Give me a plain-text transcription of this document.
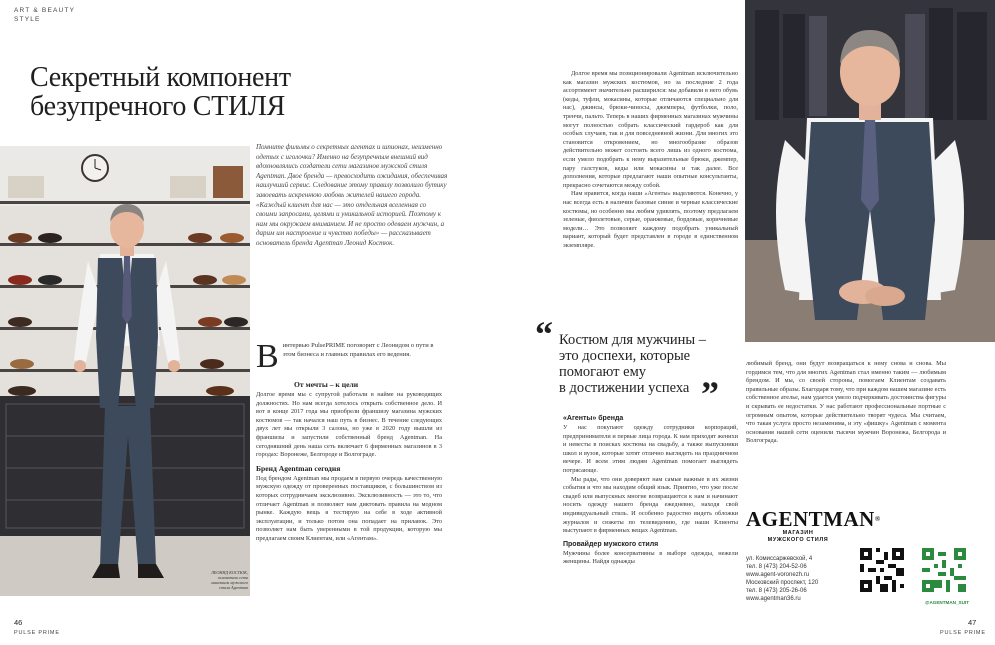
ART & BEAUTY
STYLE
Секретный компонент
безупречного СТИЛЯ
ЛЕОНИД КОСТЮК,
основатель сети
магазинов мужского
стиля Agentman
Помните фильмы о секретных агентах и шпионах, неизменно одетых с иголочки? Именно на безупречным внешний вид вдохновлялись создатели сети магазинов мужской стиля Agentman. Двое бренда — превосходить ожидания, обеспечивая наилучший сервис. Следование этому правилу позволило бутику завоевать искреннюю любовь жителей нашего города. «Каждый клиент для нас — это отдельная вселенная со своими запросами, целями и уникальной историей. Поэтому к нам мы окружаем вниманием. И не просто одеваем мужчин, а дарим им настроение и чувство победы» — рассказывает основатель бренда Agentman Леонид Костюк.
В интервью PulsePRIME поговорит с Леонидом о пути в этом бизнеса и главных правилах его ведения.
От мечты – к цели

Долгое время мы с супругой работали в найме на руководящих должностях. Но нам всегда хотелось открыть собственное дело. И вот в конце 2017 года мы приобрели франшизу магазина мужских костюмов — так начался наш путь в бизнес. В течение следующих двух лет мы открыли 3 салона, но уже в 2020 году вышли из франшизы и запустили собственный бренд Agentman. На сегодняшний день наша сеть включает 6 фирменных магазинов в 3 городах: Воронеже, Белгороде и Волгограде.

Бренд Agentman сегодня

Под брендом Agentman мы продаем в первую очередь качественную мужскую одежду от проверенных поставщиков, с большинством из которых сотрудничаем эксклюзивно. Эксклюзивность — это то, что отличает Agentman и позволяет нам диктовать правила на модном рынке. Каждую вещь я тестирую на себе в ходе активной эксплуатации, и только потом она попадает на прилавок. Это позволяет нам быть уверенными в той продукции, которую мы предлагаем своим Клиентам, или «Агентам».

Долгое время мы позиционировали Agentman исключительно как магазин мужских костюмов, но за последние 2 года ассортимент значительно расширился: мы добавили в него обувь (кеды, туфли, мокасины, которые отличаются специально для нас), джинсы, брюки-чиносы, джемперы, футболки, поло, тренчи, пальто. Теперь в наших фирменных магазинах мужчины могут полностью собрать классический гардероб как для особых случаев, так и для повседневной жизни. Для многих это становится откровением, но многообразие образов действительно может состоять всего лишь из одного костюма, если умело подобрать к нему выразительные брюки, джемпер, пару галстуков, кеды или мокасины и так далее. Все дополнения, которые предлагают наши опытные консультанты, прекрасно сочетаются между собой.

Нам нравится, когда наши «Агенты» выделяются. Конечно, у нас всегда есть в наличии базовые синие и черные классические костюмы, но особенно мы любим удивлять, поэтому предлагаем зеленые, фиолетовые, серые, оранжевые, бордовые, коричневые модели… Это позволяет каждому подобрать уникальный вариант, который будет представлен в городе в единственном экземпляре.

“ Костюм для мужчины –
это доспехи, которые
помогают ему
в достижении успеха ”
«Агенты» бренда

У нас покупают одежду сотрудники корпораций, предприниматели и первые лица города. К нам приходят женихи и невесты в поисках костюма на свадьбу, а также выпускники школ и вузов, которые хотят отлично выглядеть на праздничном вечере. И всем этим людям Agentman помогает выглядеть потрясающе.

Мы рады, что они доверяют нам самые важные в их жизни события и что мы находим общий язык. Приятно, что уже после свадеб или выпускных многие возвращаются к нам и начинают носить одежду нашего бренда ежедневно, находя свой индивидуальный стиль. И особенно радостно видеть обложки журналов и сюжеты по телевидению, где наши Клиенты выступают в фирменных вещах Agentman.

Провайдер мужского стиля

Мужчины более консервативны в выборе одежды, нежели женщины. Найдя однажды

любимый бренд, они будут возвращаться к нему снова и снова. Мы гордимся тем, что для многих Agentman стал именно таким — любимым брендом. И мы, со своей стороны, помогаем Клиентам создавать правильные образы. Благодаря тому, что при каждом нашем магазине есть собственное ателье, нам удается умело подчеркивать достоинства фигуры и скрывать ее недостатки. У нас работают профессиональные портные с огромным опытом, которые действительно творят чудеса. Мы считаем, что такая услуга просто незаменима, и эту «фишку» Agentman с момента основания нашей сети оценили тысячи мужчин Воронежа, Белгорода и Волгограда.

AGENTMAN®
МАГАЗИН
МУЖСКОГО СТИЛЯ
ул. Комиссаржевской, 4
тел. 8 (473) 204-52-06
www.agent-voronezh.ru
Московский проспект, 120
тел. 8 (473) 205-26-06
www.agentman36.ru
@AGENTMAN_SUIT
46
PULSE PRIME
47
PULSE PRIME
